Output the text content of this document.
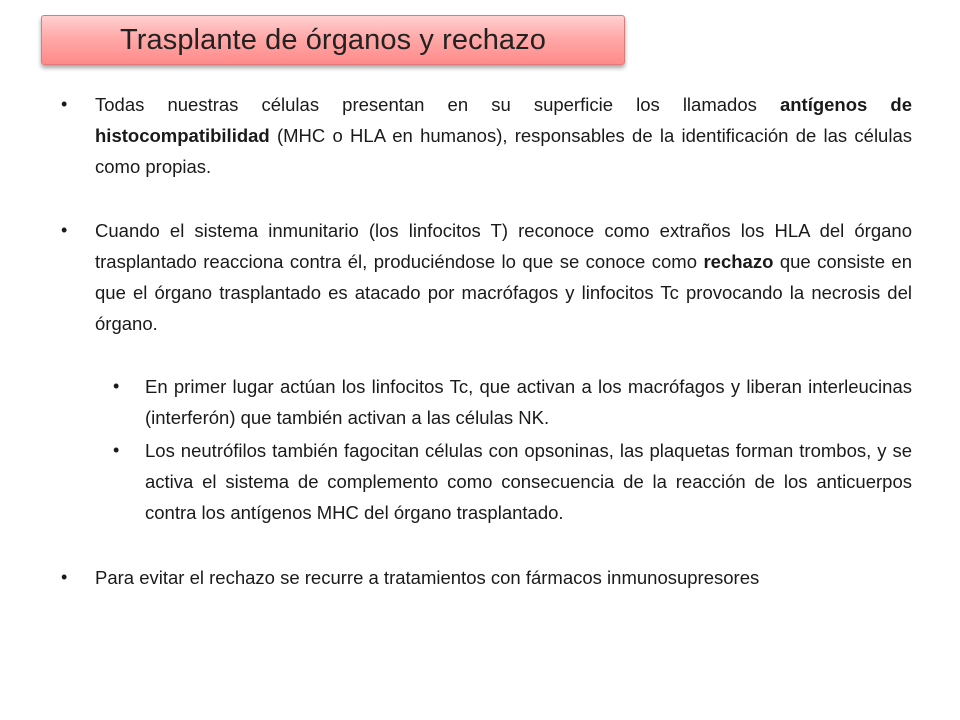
Trasplante de órganos y rechazo
•	Todas nuestras células presentan en su superficie los llamados antígenos de histocompatibilidad (MHC o HLA en humanos), responsables de la identificación de las células como propias.
•	Cuando el sistema inmunitario (los linfocitos T) reconoce como extraños los HLA del órgano trasplantado reacciona contra él, produciéndose lo que se conoce como rechazo que consiste en que el órgano trasplantado es atacado por macrófagos y linfocitos Tc provocando la necrosis del órgano.
•	En primer lugar actúan los linfocitos Tc, que activan a los macrófagos y liberan interleucinas (interferón) que también activan a las células NK.
•	Los neutrófilos también fagocitan células con opsoninas, las plaquetas forman trombos, y se activa el sistema de complemento como consecuencia de la reacción de los anticuerpos contra los antígenos MHC del órgano trasplantado.
•	Para evitar el rechazo se recurre a tratamientos con fármacos inmunosupresores
